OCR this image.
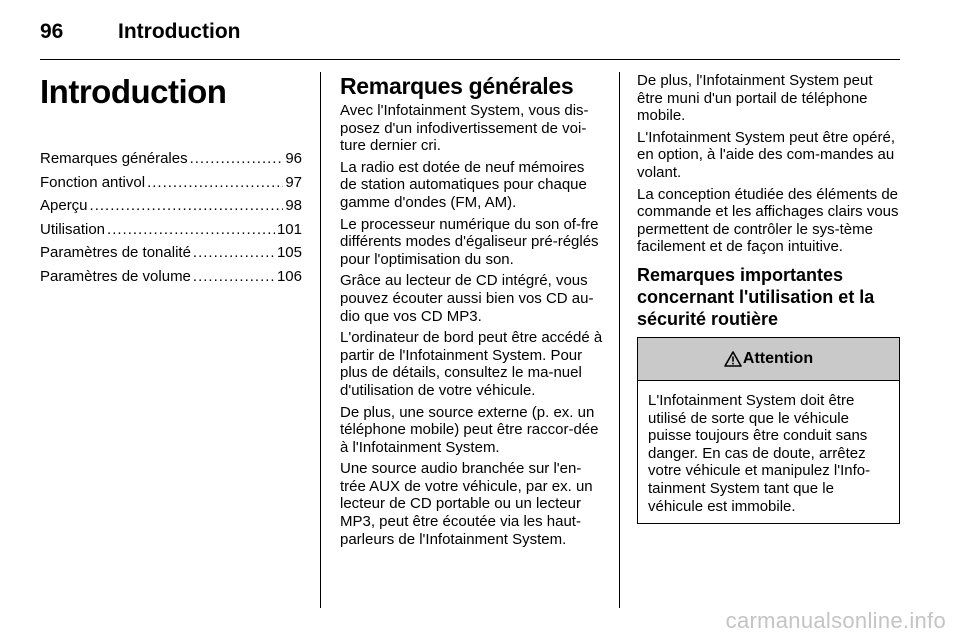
96	Introduction
Introduction
Remarques générales .....	96
Fonction antivol .....	97
Aperçu .....	98
Utilisation .....	101
Paramètres de tonalité .....	105
Paramètres de volume .....	106
Remarques générales

Avec l'Infotainment System, vous dis-posez d'un infodivertissement de voi-ture dernier cri.

La radio est dotée de neuf mémoires de station automatiques pour chaque gamme d'ondes (FM, AM).

Le processeur numérique du son of-fre différents modes d'égaliseur pré-réglés pour l'optimisation du son.

Grâce au lecteur de CD intégré, vous pouvez écouter aussi bien vos CD au-dio que vos CD MP3.

L'ordinateur de bord peut être accédé à partir de l'Infotainment System. Pour plus de détails, consultez le ma-nuel d'utilisation de votre véhicule.

De plus, une source externe (p. ex. un téléphone mobile) peut être raccor-dée à l'Infotainment System.

Une source audio branchée sur l'en-trée AUX de votre véhicule, par ex. un lecteur de CD portable ou un lecteur MP3, peut être écoutée via les haut-parleurs de l'Infotainment System.

De plus, l'Infotainment System peut être muni d'un portail de téléphone mobile.

L'Infotainment System peut être opéré, en option, à l'aide des com-mandes au volant.

La conception étudiée des éléments de commande et les affichages clairs vous permettent de contrôler le sys-tème facilement et de façon intuitive.

Remarques importantes concernant l'utilisation et la sécurité routière
Attention
L'Infotainment System doit être utilisé de sorte que le véhicule puisse toujours être conduit sans danger. En cas de doute, arrêtez votre véhicule et manipulez l'Info-tainment System tant que le véhicule est immobile.
carmanualsonline.info
